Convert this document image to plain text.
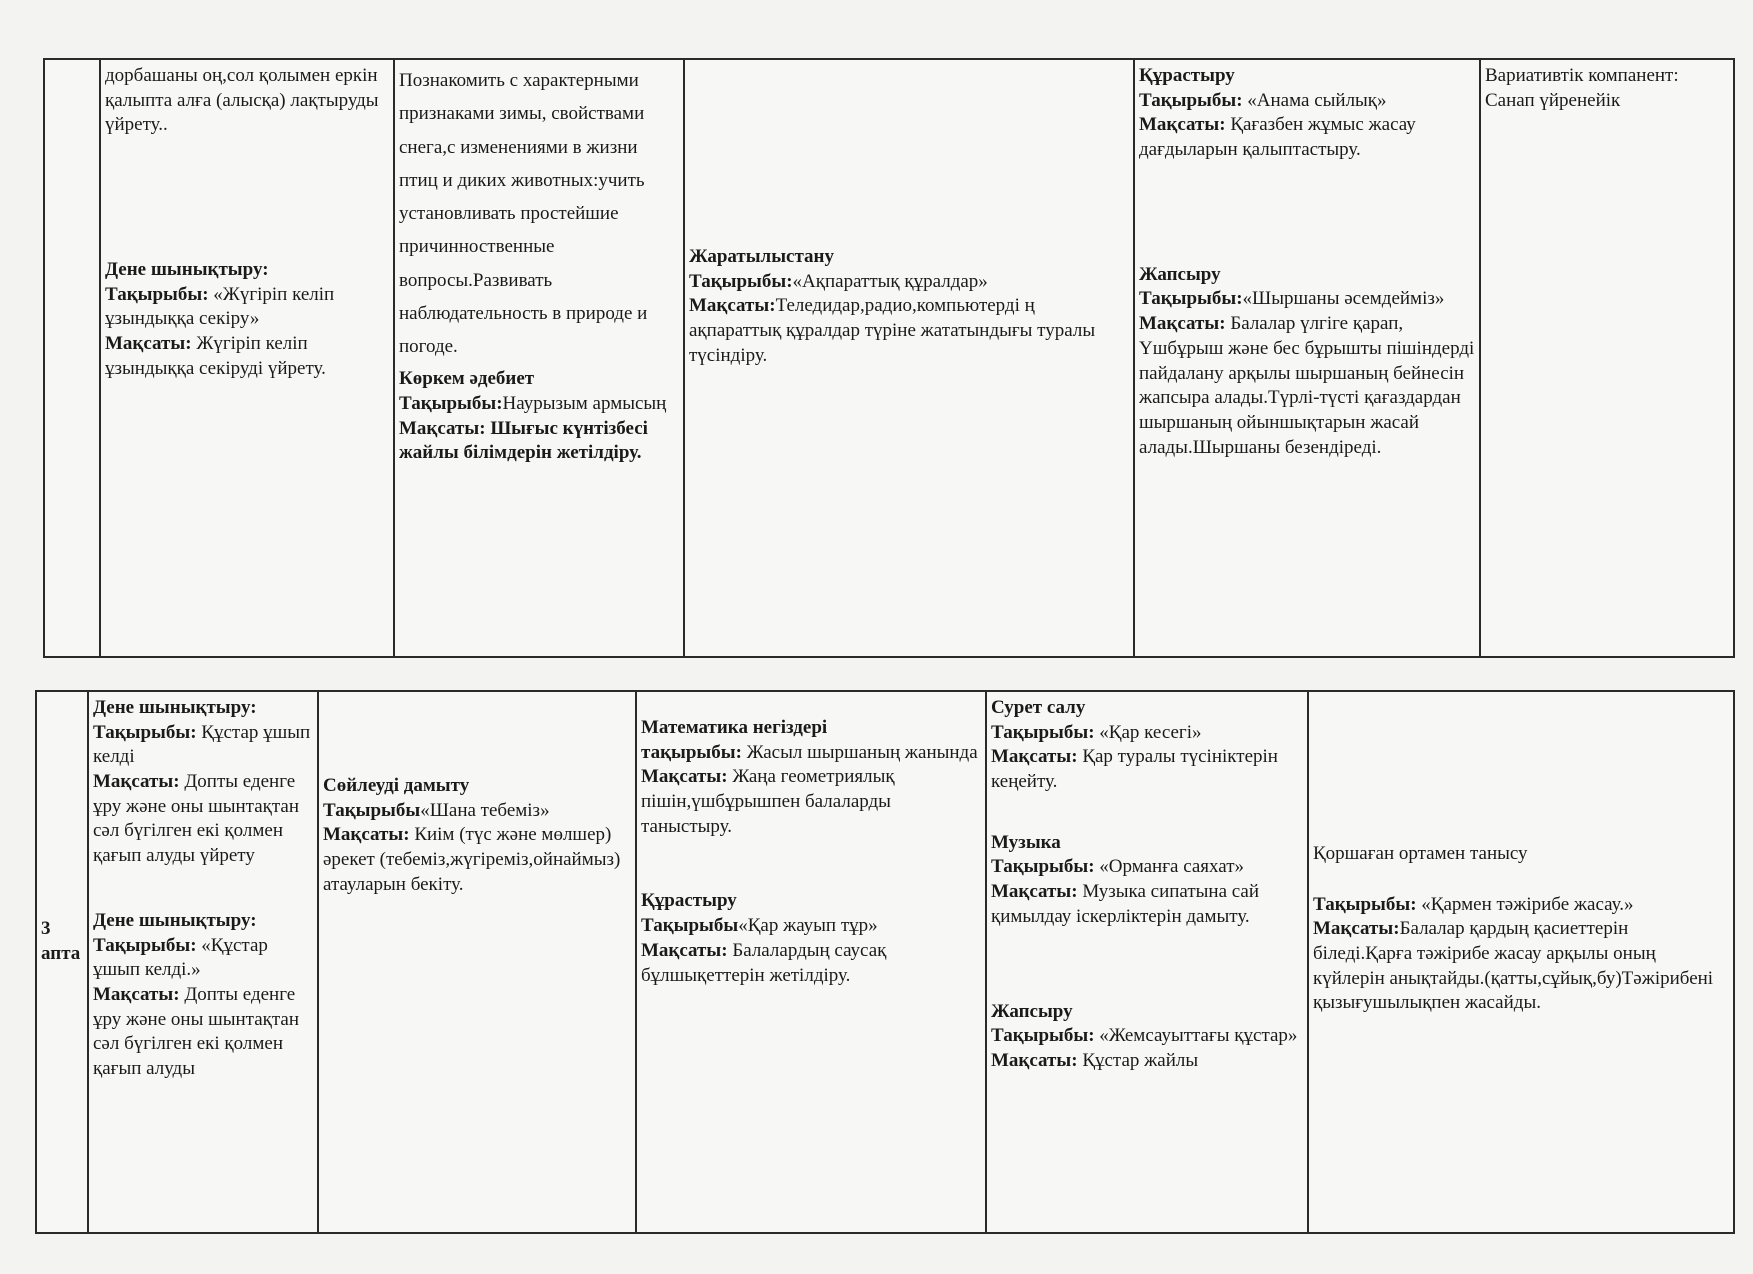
дорбашаны оң,сол қолымен еркін қалыпта алға (алысқа) лақтыруды үйрету..
Дене шынықтыру:
Тақырыбы: «Жүгіріп келіп ұзындыққа секіру»
Мақсаты: Жүгіріп келіп ұзындыққа секіруді үйрету.
Познакомить с характерными признаками зимы, свойствами снега,с изменениями в жизни птиц и диких животных:учить установливать простейшие причинноственные вопросы.Развивать наблюдательность в природе и погоде.
Көркем әдебиет
Тақырыбы:Наурызым армысың
Мақсаты: Шығыс күнтізбесі жайлы білімдерін жетілдіру.
Жаратылыстану
Тақырыбы:«Ақпараттық құралдар»
Мақсаты:Теледидар,радио,компьютерді ң ақпараттық құралдар түріне жататындығы туралы түсіндіру.
Құрастыру
Тақырыбы: «Анама сыйлық»
Мақсаты: Қағазбен жұмыс жасау дағдыларын қалыптастыру.
Жапсыру
Тақырыбы:«Шыршаны әсемдейміз»
Мақсаты: Балалар үлгіге қарап, Үшбұрыш және бес бұрышты пішіндерді пайдалану арқылы шыршаның бейнесін жапсыра алады.Түрлі-түсті қағаздардан шыршаның ойыншықтарын жасай алады.Шыршаны безендіреді.
Вариативтік компанент: Санап үйренейік
3 апта
Дене шынықтыру:
Тақырыбы: Құстар ұшып келді
Мақсаты: Допты еденге ұру және оны шынтақтан сәл бүгілген екі қолмен қағып алуды үйрету
Дене шынықтыру:
Тақырыбы: «Құстар ұшып келді.»
Мақсаты: Допты еденге ұру және оны шынтақтан сәл бүгілген екі қолмен қағып алуды
Сөйлеуді дамыту
Тақырыбы«Шана тебеміз»
Мақсаты: Киім (түс және мөлшер) әрекет (тебеміз,жүгіреміз,ойнаймыз) атауларын бекіту.
Математика негіздері
тақырыбы: Жасыл шыршаның жанында
Мақсаты: Жаңа геометриялық пішін,үшбұрышпен балаларды таныстыру.
Құрастыру
Тақырыбы«Қар жауып тұр»
Мақсаты: Балалардың саусақ бұлшықеттерін жетілдіру.
Сурет салу
Тақырыбы: «Қар кесегі»
Мақсаты: Қар туралы түсініктерін кеңейту.
Музыка
Тақырыбы: «Орманға саяхат»
Мақсаты: Музыка сипатына сай қимылдау іскерліктерін дамыту.
Жапсыру
Тақырыбы: «Жемсауыттағы құстар»
Мақсаты: Құстар жайлы
Қоршаған ортамен танысу
Тақырыбы: «Қармен тәжірибе жасау.»
Мақсаты:Балалар қардың қасиеттерін біледі.Қарға тәжірибе жасау арқылы оның күйлерін анықтайды.(қатты,сұйық,бу)Тәжірибені қызығушылықпен жасайды.
